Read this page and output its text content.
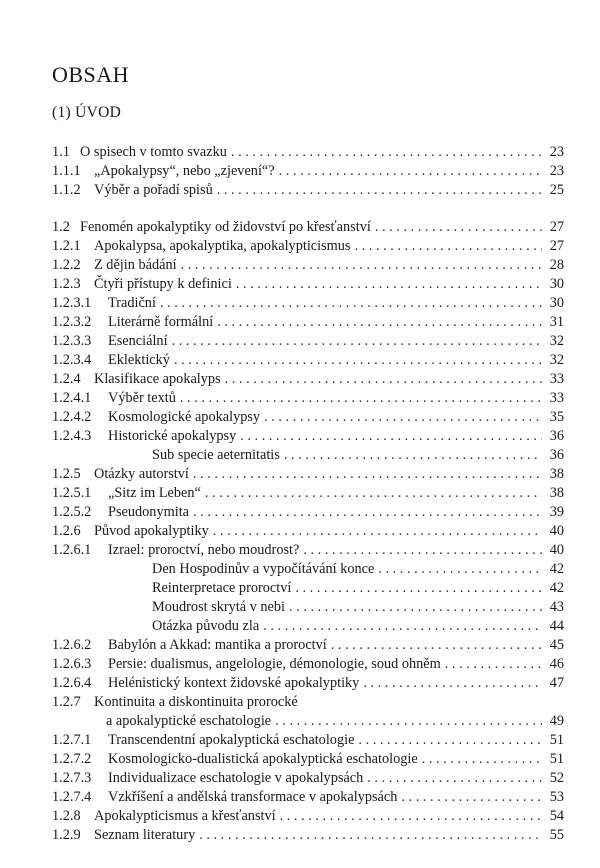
OBSAH
(1) ÚVOD
1.1 O spisech v tomto svazku . . .	23
1.1.1 „Apokalypsy“, nebo „zjevení“? . . .	23
1.1.2 Výběr a pořadí spisů . . .	25
1.2 Fenomén apokalyptiky od židovství po křesťanství . . .	27
1.2.1 Apokalypsa, apokalyptika, apokalypticismus . . .	27
1.2.2 Z dějin bádání . . .	28
1.2.3 Čtyři přístupy k definici . . .	30
1.2.3.1	Tradiční . . .	30
1.2.3.2	Literárně formální . . .	31
1.2.3.3	Esenciální . . .	32
1.2.3.4	Eklektický . . .	32
1.2.4 Klasifikace apokalyps . . .	33
1.2.4.1	Výběr textů . . .	33
1.2.4.2	Kosmologické apokalypsy . . .	35
1.2.4.3	Historické apokalypsy . . .	36
Sub specie aeternitatis . . .	36
1.2.5 Otázky autorství . . .	38
1.2.5.1	„Sitz im Leben“ . . .	38
1.2.5.2	Pseudonymita . . .	39
1.2.6 Původ apokalyptiky . . .	40
1.2.6.1	Izrael: proroctví, nebo moudrost? . . .	40
Den Hospodinův a vypočítávání konce . . .	42
Reinterpretace proroctví . . .	42
Moudrost skrytá v nebi . . .	43
Otázka původu zla . . .	44
1.2.6.2	Babylón a Akkad: mantika a proroctví . . .	45
1.2.6.3	Persie: dualismus, angelologie, démonologie, soud ohněm . . .	46
1.2.6.4	Helénistický kontext židovské apokalyptiky . . .	47
1.2.7 Kontinuita a diskontinuita prorocké
a apokalyptické eschatologie . . .	49
1.2.7.1	Transcendentní apokalyptická eschatologie . . .	51
1.2.7.2	Kosmologicko-dualistická apokalyptická eschatologie . . .	51
1.2.7.3	Individualizace eschatologie v apokalypsách . . .	52
1.2.7.4	Vzkříšení a andělská transformace v apokalypsách . . .	53
1.2.8 Apokalypticismus a křesťanství . . .	54
1.2.9 Seznam literatury . . .	55
